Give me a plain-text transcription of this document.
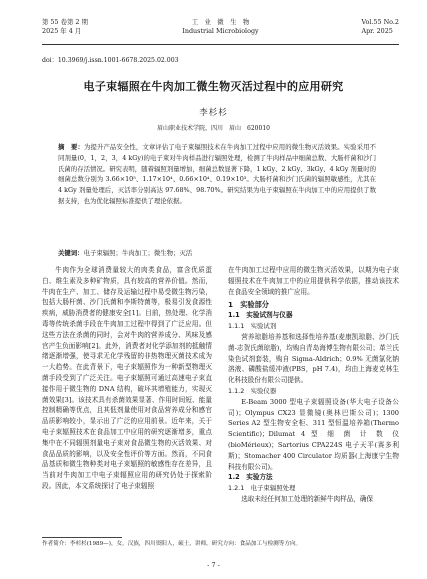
第 55 卷第 2 期
2025 年 4 月
工　业　微　生　物
Industrial Microbiology
Vol.55 No.2
Apr. 2025
doi：10.3969/j.issn.1001-6678.2025.02.003
电子束辐照在牛肉加工微生物灭活过程中的应用研究
李杉杉
眉山职业技术学院，四川　眉山　620010
摘　要：为提升产品安全性，文章评估了电子束辐照技术在牛肉加工过程中应用的微生物灭活效果。实验采用不同剂量(0，1，2，3，4 kGy)的电子束对牛肉样品进行辐照处理，检测了牛肉样品中细菌总数、大肠杆菌和沙门氏菌的存活情况。研究表明，随着辐照剂量增加，细菌总数显著下降，1 kGy、2 kGy、3kGy、4 kGy 剂量时的细菌总数分别为 3.66×10⁵、1.17×10⁴、0.66×10⁴、0.19×10³。大肠杆菌和沙门氏菌的辐照敏感性，尤其在 4 kGy 剂量处理后，灭活率分别高达 97.68%、98.70%。研究结果为电子束辐照在牛肉加工中的应用提供了数据支持，也为优化辐照标准提供了理论依据。
关键词：电子束辐照；牛肉加工；微生物；灭活

牛肉作为全球消费量较大的肉类食品，富含优质蛋白、维生素及多种矿物质，具有较高的营养价值。然而，牛肉在生产、加工、储存及运输过程中易受微生物污染，包括大肠杆菌、沙门氏菌和李斯特菌等，极易引发食源性疾病，威胁消费者的健康安全[1]。目前，热处理、化学消毒等传统杀菌手段在牛肉加工过程中得到了广泛应用。但这些方法在杀菌的同时，会对牛肉的营养成分、风味及感官产生负面影响[2]。此外，消费者对化学添加剂的抵触情绪逐渐增强，使寻求无化学残留的非热物理灭菌技术成为一大趋势。在此背景下，电子束辐照作为一种新型物理灭菌手段受到了广泛关注。电子束辐照可通过高速电子束直接作用于微生物的 DNA 结构，破坏其增殖能力，实现灭菌效果[3]。该技术具有杀菌效果显著、作用时间短、能量控制精确等优点，且其低剂量使用对食品营养成分和感官品质影响较小，显示出了广泛的应用前景。近年来，关于电子束辐照技术在食品加工中应用的研究逐渐增多，重点集中在不同辐照剂量电子束对食品微生物的灭活效果、对食品品质的影响，以及安全性评价等方面。然而，不同食品基质和微生物种类对电子束辐照的敏感性存在差异，且当前对牛肉加工中电子束辐照应用的研究仍处于探索阶段。因此，本文系统探讨了电子束辐照

在牛肉加工过程中应用的微生物灭活效果，以期为电子束辐照技术在牛肉加工中的应用提供科学依据，推动该技术在食品安全领域的推广应用。

1　实验部分
1.1　实验试剂与仪器
1.1.1　实验试剂

营养琼脂培养基和选择性培养基(麦康凯琼脂、沙门氏菌-志贺氏菌琼脂)，均购自青岛海博生物有限公司；革兰氏染色试剂套装，购自 Sigma-Aldrich；0.9% 无菌氯化钠溶液、磷酸盐缓冲液(PBS，pH 7.4)，均由上海麦克林生化科技股份有限公司提供。

1.1.2　实验仪器

E-Beam 3000 型电子束辐照设备(华大电子设备公司)；Olympus CX23 显微镜(奥林巴斯公司)；1300 Series A2 型生物安全柜、311 型恒温培养箱(Thermo Scientific)；Dilumat 4 型 细 菌 计 数 仪(bioMérieux)；Sartorius CPA224S 电子天平(赛多利斯)；Stomacher 400 Circulator 均质器(上海康宁生物科技有限公司)。

1.2　实验方法
1.2.1　电子束辐照处理

选取未经任何加工处理的新鲜牛肉样品，确保

作者简介：李杉杉(1989—)，女，汉族，四川资阳人，硕士，讲师，研究方向：食品加工与检测等方向。
- 7 -
